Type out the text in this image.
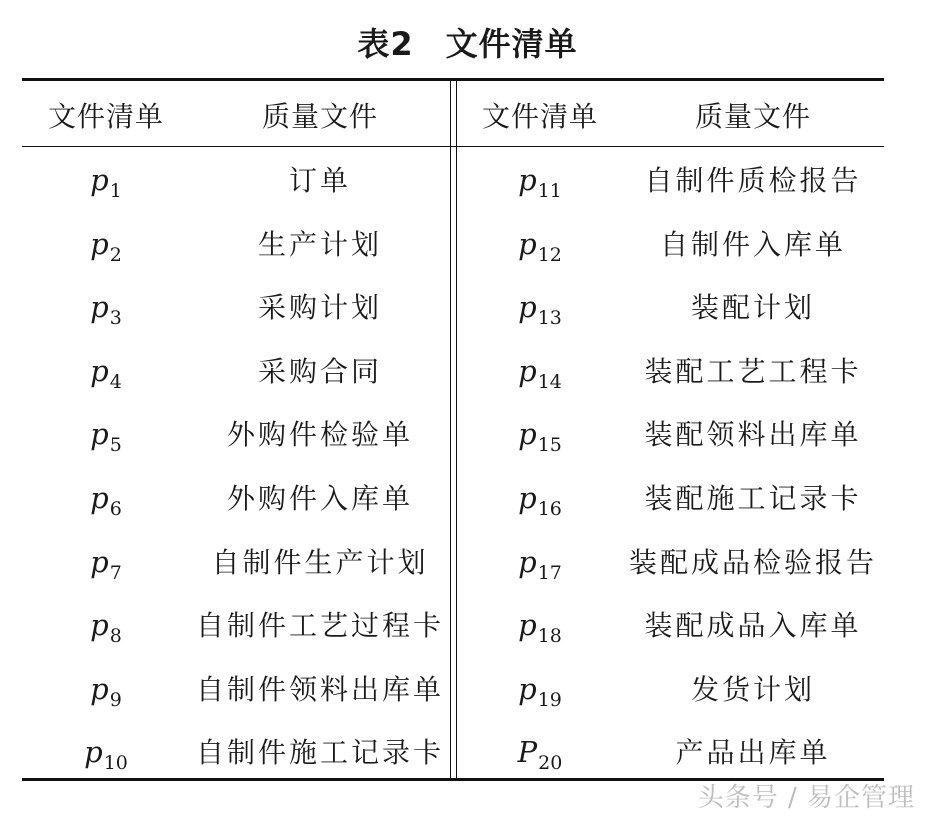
表2 文件清单
文件清单	质量文件	文件清单	质量文件
$p_1$	订单	$p_{11}$	自制件质检报告
$p_2$	生产计划	$p_{12}$	自制件入库单
$p_3$	采购计划	$p_{13}$	装配计划
$p_4$	采购合同	$p_{14}$	装配工艺工程卡
$p_5$	外购件检验单	$p_{15}$	装配领料出库单
$p_6$	外购件入库单	$p_{16}$	装配施工记录卡
$p_7$	自制件生产计划	$p_{17}$	装配成品检验报告
$p_8$	自制件工艺过程卡	$p_{18}$	装配成品入库单
$p_9$	自制件领料出库单	$p_{19}$	发货计划
$p_{10}$	自制件施工记录卡	$P_{20}$	产品出库单
头条号 / 易企管理
